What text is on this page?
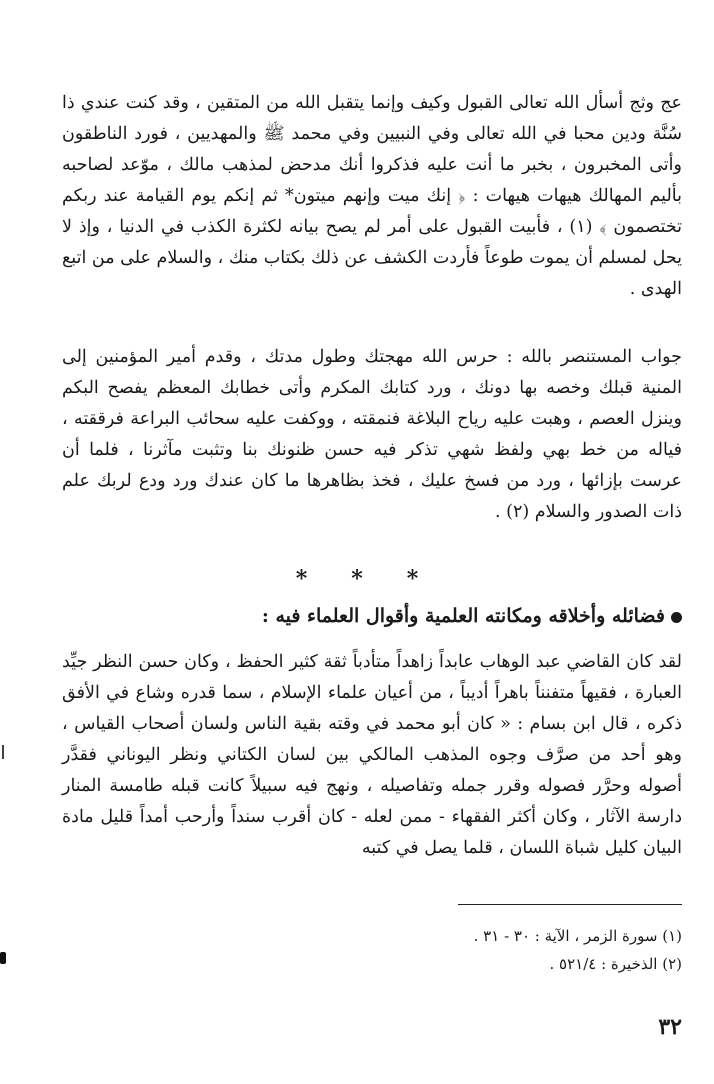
عج وثج أسأل الله تعالى القبول وكيف وإنما يتقبل الله من المتقين ، وقد كنت عندي ذا سُنَّة ودين محبا في الله تعالى وفي النبيين وفي محمد ﷺ والمهديين ، فورد الناطقون وأتى المخبرون ، بخبر ما أنت عليه فذكروا أنك مدحض لمذهب مالك ، موّعد لصاحبه بأليم المهالك هيهات هيهات : ﴿ إنك ميت وإنهم ميتون* ثم إنكم يوم القيامة عند ربكم تختصمون ﴾ (١) ، فأبيت القبول على أمر لم يصح بيانه لكثرة الكذب في الدنيا ، وإذ لا يحل لمسلم أن يموت طوعاً فأردت الكشف عن ذلك بكتاب منك ، والسلام على من اتبع الهدى .

جواب المستنصر بالله : حرس الله مهجتك وطول مدتك ، وقدم أمير المؤمنين إلى المنية قبلك وخصه بها دونك ، ورد كتابك المكرم وأتى خطابك المعظم يفصح البكم وينزل العصم ، وهبت عليه رياح البلاغة فنمقته ، ووكفت عليه سحائب البراعة فرققته ، فياله من خط بهي ولفظ شهي تذكر فيه حسن ظنونك بنا وتثبت مآثرنا ، فلما أن عرست بإزائها ، ورد من فسخ عليك ، فخذ بظاهرها ما كان عندك ورد ودع لربك علم ذات الصدور والسلام (٢) .

* * *
فضائله وأخلاقه ومكانته العلمية وأقوال العلماء فيه :

لقد كان القاضي عبد الوهاب عابداً زاهداً متأدباً ثقة كثير الحفظ ، وكان حسن النظر جيِّد العبارة ، فقيهاً متفنناً باهراً أديباً ، من أعيان علماء الإسلام ، سما قدره وشاع في الأفق ذكره ، قال ابن بسام : « كان أبو محمد في وقته بقية الناس ولسان أصحاب القياس ، وهو أحد من صرَّف وجوه المذهب المالكي بين لسان الكتاني ونظر اليوناني فقدَّر أصوله وحرَّر فصوله وقرر جمله وتفاصيله ، ونهج فيه سبيلاً كانت قبله طامسة المنار دارسة الآثار ، وكان أكثر الفقهاء - ممن لعله - كان أقرب سنداً وأرحب أمداً قليل مادة البيان كليل شباة اللسان ، قلما يصل في كتبه

(١) سورة الزمر ، الآية : ٣٠ - ٣١ .
(٢) الذخيرة : ٥٢١/٤ .
٣٢
